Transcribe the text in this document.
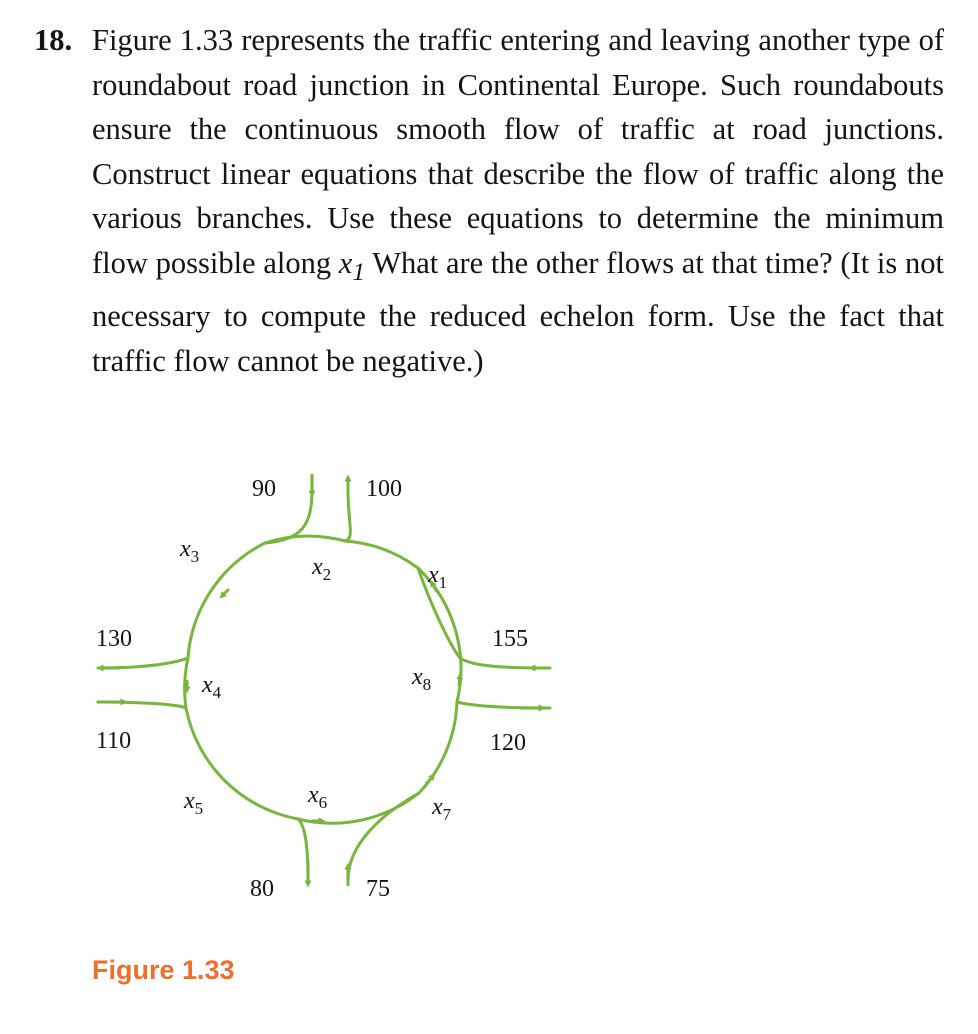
18. Figure 1.33 represents the traffic entering and leaving another type of roundabout road junction in Continental Europe. Such roundabouts ensure the continuous smooth flow of traffic at road junctions. Construct linear equations that describe the flow of traffic along the various branches. Use these equations to determine the minimum flow possible along $x_1$ What are the other flows at that time? (It is not necessary to compute the reduced echelon form. Use the fact that traffic flow cannot be negative.)
90	100
130
110
155
120
80	75
$x_1$
$x_2$
$x_3$
$x_4$
$x_5$
$x_6$	$x_7$
$x_8$
Figure 1.33
